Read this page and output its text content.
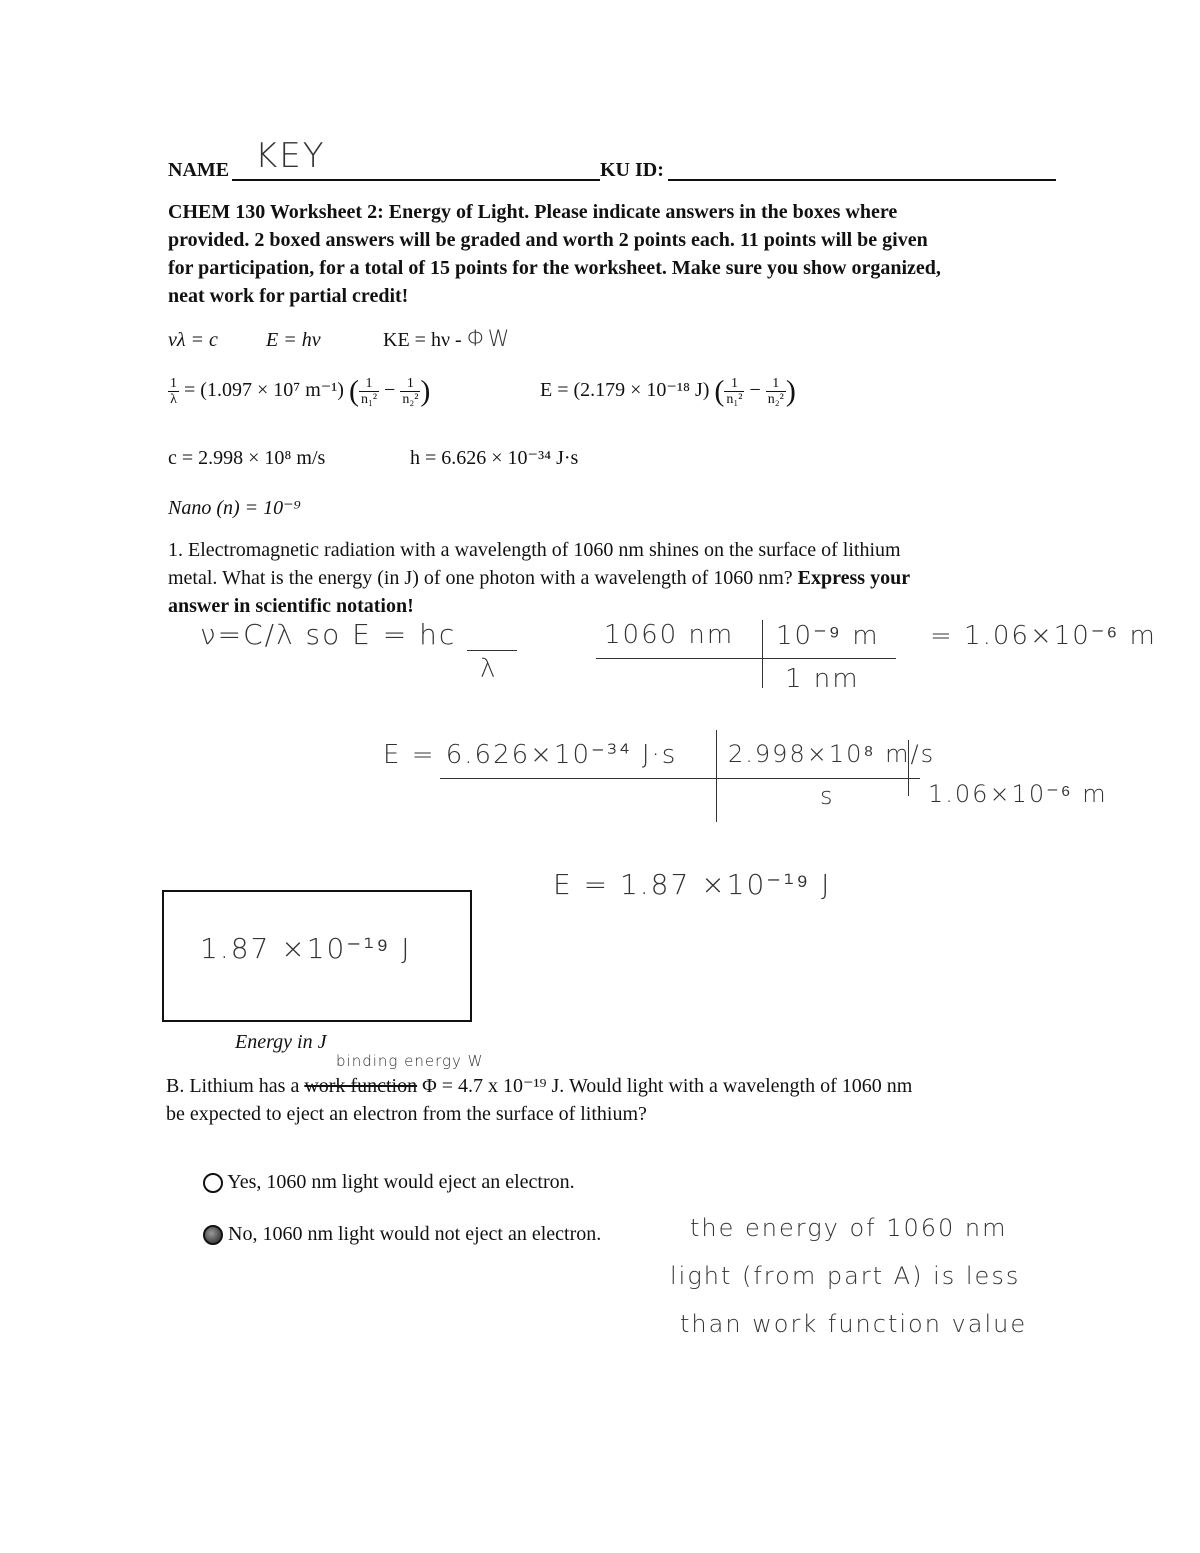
NAME KEY	KU ID:
CHEM 130 Worksheet 2: Energy of Light. Please indicate answers in the boxes where
provided. 2 boxed answers will be graded and worth 2 points each. 11 points will be given
for participation, for a total of 15 points for the worksheet. Make sure you show organized,
neat work for partial credit!
νλ = c E = hν	KE = hν - ΦW
$\frac{1}{\lambda} = (1.097 \times 10^7$ m⁻¹) ( $\frac{1}{\text{n₁²}} - \frac{1}{\text{n₂²}}$ )	E = (2.179 × 10⁻¹⁸ J) ( $\frac{1}{\text{n₁²}} - \frac{1}{\text{n₂²}}$ )
c = 2.998 × 10⁸ m/s	h = 6.626 × 10⁻³⁴ J·s
Nano (n) = 10⁻⁹
1. Electromagnetic radiation with a wavelength of 1060 nm shines on the surface of lithium
metal. What is the energy (in J) of one photon with a wavelength of 1060 nm? Express your
answer in scientific notation!
ν=C/λ so E = hc
λ
1060 nm 10⁻⁹ m
1 nm
= 1.06×10⁻⁶ m
E = 6.626×10⁻³⁴ J·s 2.998×10⁸ m/s
s	1.06×10⁻⁶ m
E = 1.87 ×10⁻¹⁹ J
1.87 ×10⁻¹⁹ J
Energy in J
binding energy W
B. Lithium has a work function Φ = 4.7 x 10⁻¹⁹ J. Would light with a wavelength of 1060 nm
be expected to eject an electron from the surface of lithium?
Yes, 1060 nm light would eject an electron.
No, 1060 nm light would not eject an electron.	the energy of 1060 nm
light (from part A) is less
than work function value
